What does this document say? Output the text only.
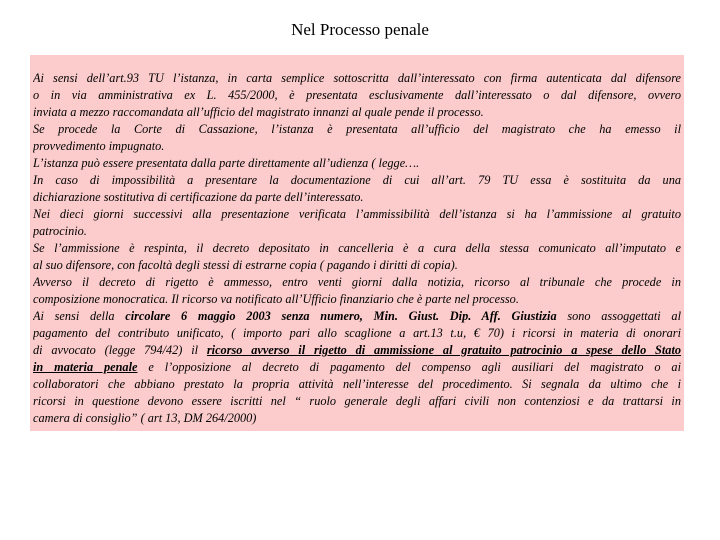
Nel Processo penale
Ai sensi dell’art.93 TU l’istanza, in carta semplice sottoscritta dall’interessato con firma autenticata dal difensore
o in via amministrativa ex L. 455/2000, è presentata esclusivamente dall’interessato o dal difensore, ovvero
inviata a mezzo raccomandata all’ufficio del magistrato innanzi al quale pende il processo.
Se procede la Corte di Cassazione, l’istanza è presentata all’ufficio del magistrato che ha emesso il
provvedimento impugnato.
L’istanza può essere presentata dalla parte direttamente all’udienza ( legge….
In caso di impossibilità a presentare la documentazione di cui all’art. 79 TU essa è sostituita da una
dichiarazione sostitutiva di certificazione da parte dell’interessato.
Nei dieci giorni successivi alla presentazione verificata l’ammissibilità dell’istanza si ha l’ammissione al gratuito
patrocinio.
Se l’ammissione è respinta, il decreto depositato in cancelleria è a cura della stessa comunicato all’imputato e
al suo difensore, con facoltà degli stessi di estrarne copia ( pagando i diritti di copia).
Avverso il decreto di rigetto è ammesso, entro venti giorni dalla notizia, ricorso al tribunale che procede in
composizione monocratica. Il ricorso va notificato all’Ufficio finanziario che è parte nel processo.
Ai sensi della circolare 6 maggio 2003 senza numero, Min. Giust. Dip. Aff. Giustizia sono assoggettati al
pagamento del contributo unificato, ( importo pari allo scaglione a art.13 t.u, € 70) i ricorsi in materia di onorari
di avvocato (legge 794/42) il ricorso avverso il rigetto di ammissione al gratuito patrocinio a spese dello Stato
in materia penale e l’opposizione al decreto di pagamento del compenso agli ausiliari del magistrato o ai
collaboratori che abbiano prestato la propria attività nell’interesse del procedimento. Si segnala da ultimo che i
ricorsi in questione devono essere iscritti nel “ ruolo generale degli affari civili non contenziosi e da trattarsi in
camera di consiglio” ( art 13, DM 264/2000)
